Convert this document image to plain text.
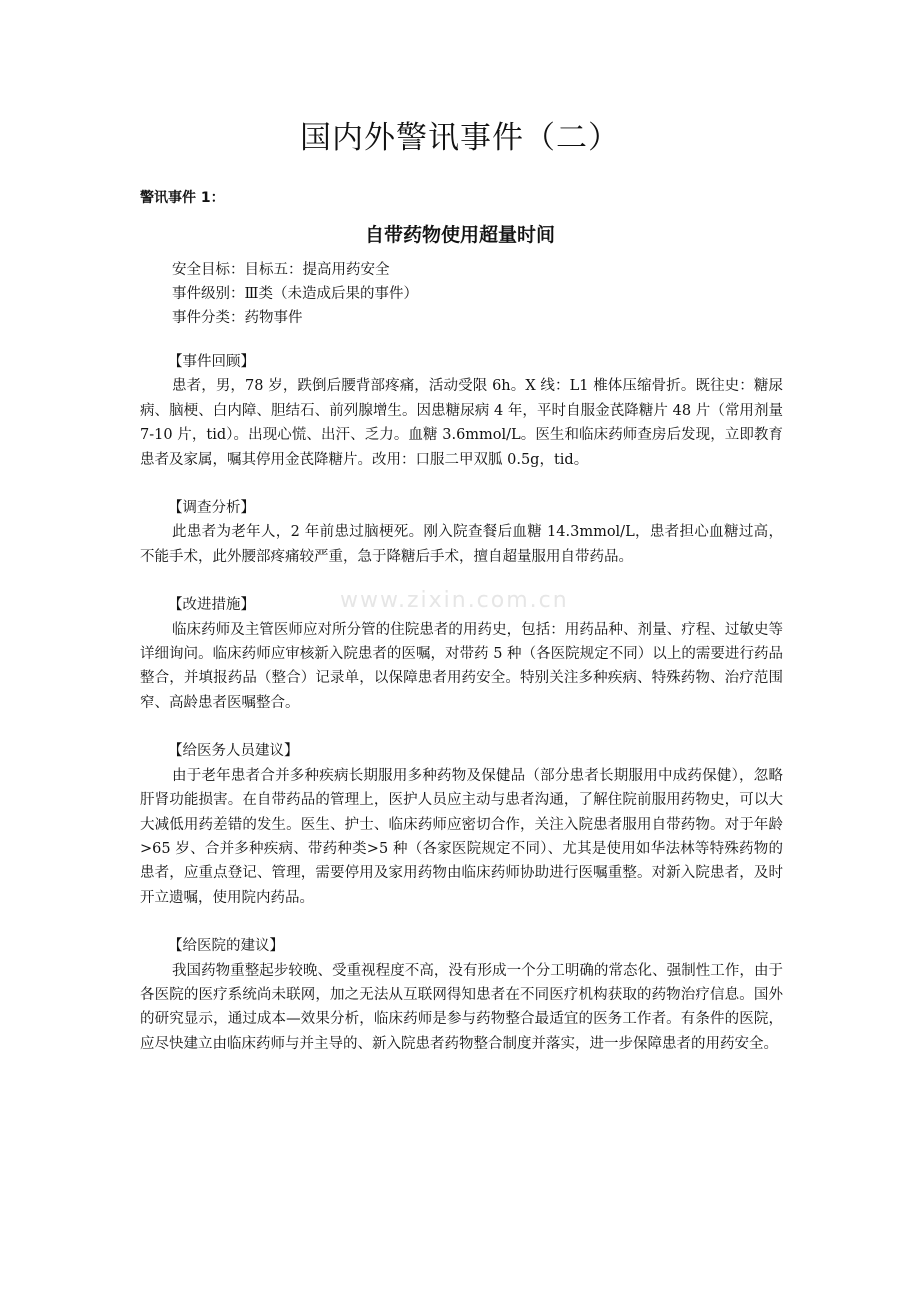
国内外警讯事件（二）
警讯事件 1：
自带药物使用超量时间
安全目标：目标五：提高用药安全
事件级别：Ⅲ类（未造成后果的事件）
事件分类：药物事件
www.zixin.com.cn
【事件回顾】

患者，男，78 岁，跌倒后腰背部疼痛，活动受限 6h。X 线：L1 椎体压缩骨折。既往史：糖尿病、脑梗、白内障、胆结石、前列腺增生。因患糖尿病 4 年，平时自服金芪降糖片 48 片（常用剂量 7-10 片，tid）。出现心慌、出汗、乏力。血糖 3.6mmol/L。医生和临床药师查房后发现，立即教育患者及家属，嘱其停用金芪降糖片。改用：口服二甲双胍 0.5g，tid。

【调查分析】

此患者为老年人，2 年前患过脑梗死。刚入院查餐后血糖 14.3mmol/L，患者担心血糖过高，不能手术，此外腰部疼痛较严重，急于降糖后手术，擅自超量服用自带药品。

【改进措施】

临床药师及主管医师应对所分管的住院患者的用药史，包括：用药品种、剂量、疗程、过敏史等详细询问。临床药师应审核新入院患者的医嘱，对带药 5 种（各医院规定不同）以上的需要进行药品整合，并填报药品（整合）记录单，以保障患者用药安全。特别关注多种疾病、特殊药物、治疗范围窄、高龄患者医嘱整合。

【给医务人员建议】

由于老年患者合并多种疾病长期服用多种药物及保健品（部分患者长期服用中成药保健），忽略肝肾功能损害。在自带药品的管理上，医护人员应主动与患者沟通，了解住院前服用药物史，可以大大减低用药差错的发生。医生、护士、临床药师应密切合作，关注入院患者服用自带药物。对于年龄>65 岁、合并多种疾病、带药种类>5 种（各家医院规定不同）、尤其是使用如华法林等特殊药物的患者，应重点登记、管理，需要停用及家用药物由临床药师协助进行医嘱重整。对新入院患者，及时开立遗嘱，使用院内药品。

【给医院的建议】

我国药物重整起步较晚、受重视程度不高，没有形成一个分工明确的常态化、强制性工作，由于各医院的医疗系统尚未联网，加之无法从互联网得知患者在不同医疗机构获取的药物治疗信息。国外的研究显示，通过成本—效果分析，临床药师是参与药物整合最适宜的医务工作者。有条件的医院，应尽快建立由临床药师与并主导的、新入院患者药物整合制度并落实，进一步保障患者的用药安全。
